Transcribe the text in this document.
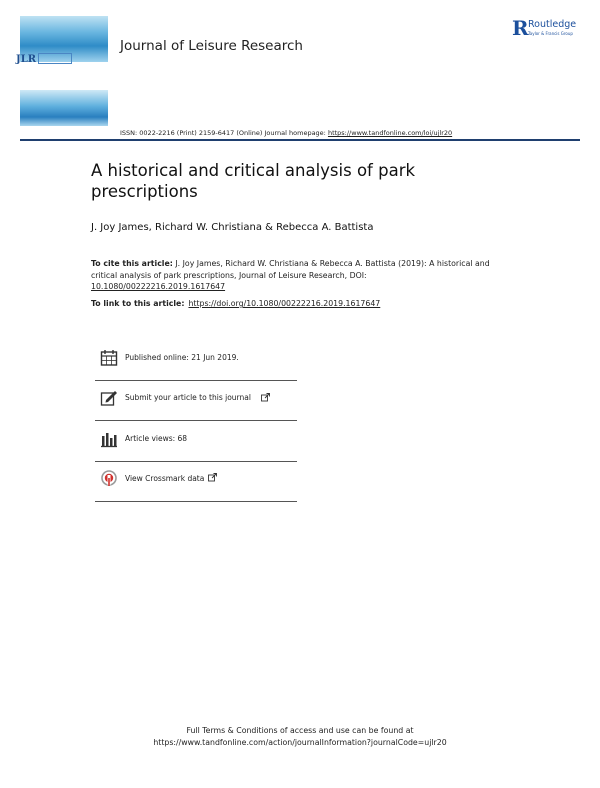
JLR
Journal of Leisure Research
R Routledge
Taylor & Francis Group
ISSN: 0022-2216 (Print) 2159-6417 (Online) Journal homepage: https://www.tandfonline.com/loi/ujlr20
A historical and critical analysis of park prescriptions
J. Joy James, Richard W. Christiana & Rebecca A. Battista
To cite this article: J. Joy James, Richard W. Christiana & Rebecca A. Battista (2019): A historical and critical analysis of park prescriptions, Journal of Leisure Research, DOI:
10.1080/00222216.2019.1617647
To link to this article: https://doi.org/10.1080/00222216.2019.1617647
Published online: 21 Jun 2019.
Submit your article to this journal
Article views: 68
View Crossmark data
Full Terms & Conditions of access and use can be found at
https://www.tandfonline.com/action/journalInformation?journalCode=ujlr20
